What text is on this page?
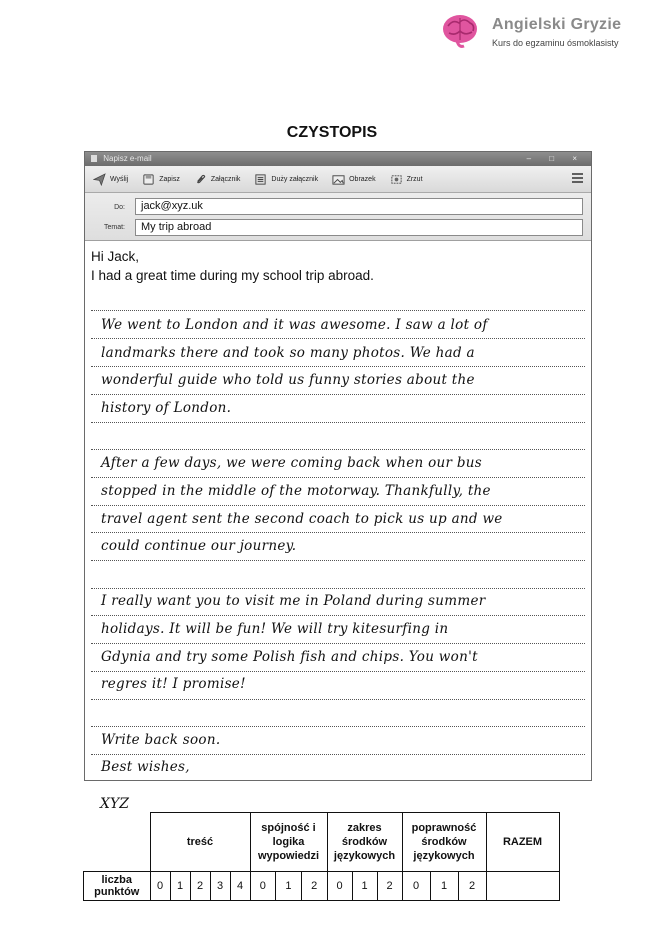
Angielski Gryzie
Kurs do egzaminu ósmoklasisty
CZYSTOPIS
Napisz e-mail	– □ ×
Wyślij	Zapisz	Załącznik	Duży załącznik	Obrazek	Zrzut
Do:	jack@xyz.uk
Temat:	My trip abroad
Hi Jack,
I had a great time during my school trip abroad.
We went to London and it was awesome. I saw a lot of
landmarks there and took so many photos. We had a
wonderful guide who told us funny stories about the
history of London.
After a few days, we were coming back when our bus
stopped in the middle of the motorway. Thankfully, the
travel agent sent the second coach to pick us up and we
could continue our journey.
I really want you to visit me in Poland during summer
holidays. It will be fun! We will try kitesurfing in
Gdynia and try some Polish fish and chips. You won't
regres it! I promise!
Write back soon.
Best wishes,
XYZ
	treść					spójność i logika wypowiedzi			zakres środków językowych			poprawność środków językowych			RAZEM
liczba punktów	0	1	2	3	4	0	1	2	0	1	2	0	1	2	
